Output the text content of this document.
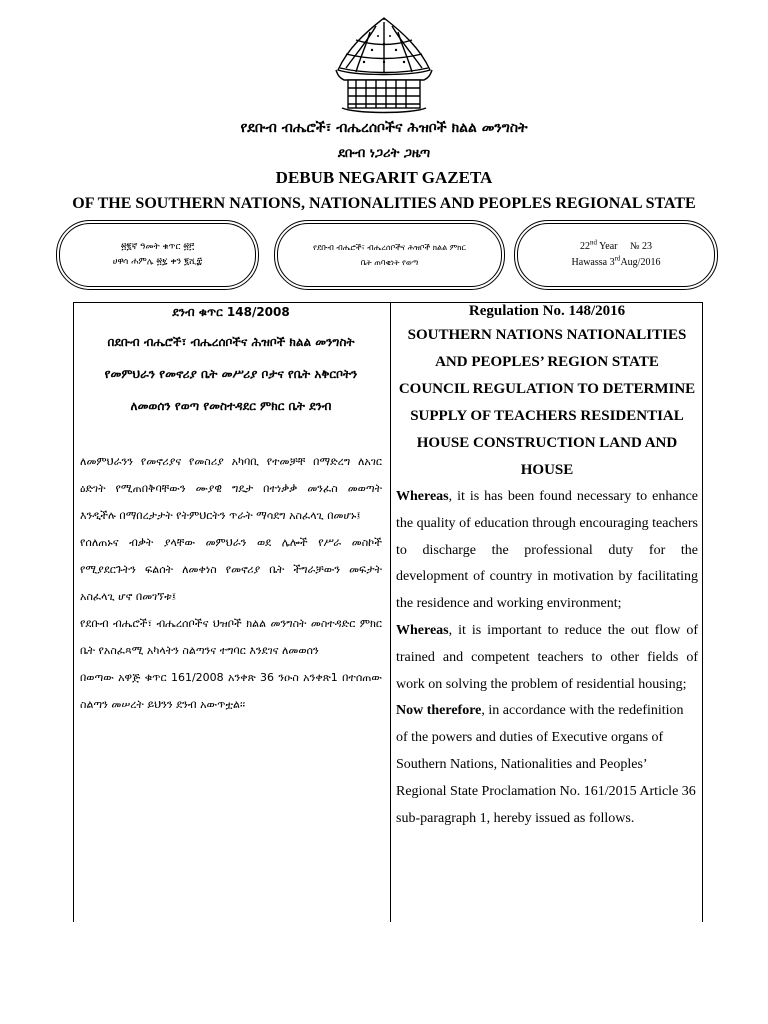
የደቡብ ብሔሮች፣ ብሔረሰቦችና ሕዝቦች ክልል መንግስት
ደቡብ ነጋሪት ጋዜጣ
DEBUB NEGARIT GAZETA
OF THE SOUTHERN NATIONS, NATIONALITIES AND PEOPLES REGIONAL STATE
፳፪ኛ ዓመት ቁጥር ፳፫
ሀዋሳ ሐምሌ ፳፯ ቀን ፪ሺ፰
የደቡብ ብሔሮች፣ ብሔረሰቦችና ሕዝቦች ክልል ምክር
ቤት ጠባቂነት የወጣ
22nd Year № 23
Hawassa 3rdAug/2016
ደንብ ቁጥር 148/2008
በደቡብ ብሔሮች፣ ብሔረሰቦችና ሕዝቦች ክልል መንግስት
የመምህራን የመኖሪያ ቤት መሥሪያ ቦታና የቤት አቅርቦትን
ለመወሰን የወጣ የመስተዳደር ምክር ቤት ደንብ

ለመምህራንን የመኖሪያና የመስሪያ አካባቢ የተመቻቸ በማድረግ ለአገር ዕድገት የሚጠበቅባቸውን ሙያዊ ግዴታ በተነቃቃ መንፈስ መወጣት እንዲችሉ በማበረታታት የትምህርትን ጥራት ማሳደግ አስፈላጊ በመሆኑ፤

የሰለጠኑና ብቃት ያላቸው መምህራን ወደ ሌሎች የሥራ መስኮች የሚያደርጉትን ፍልሰት ለመቀነስ የመኖሪያ ቤት ችግራቻውን መፍታት አስፈላጊ ሆኖ በመገኘቱ፤

የደቡብ ብሔሮች፣ ብሔረሰቦችና ህዝቦች ክልል መንግስት መስተዳድር ምክር ቤት የአስፈጻሚ አካላትን ስልጣንና ተግባር እንደገና ለመወሰን

በወጣው አዋጅ ቁጥር 161/2008 አንቀጽ 36 ንዑስ አንቀጽ1 በተሰጠው ስልጣን መሠረት ይህንን ደንብ አውጥቷል፡፡

Regulation No. 148/2016
SOUTHERN NATIONS NATIONALITIES
AND PEOPLES’ REGION STATE
COUNCIL REGULATION TO DETERMINE
SUPPLY OF TEACHERS RESIDENTIAL
HOUSE CONSTRUCTION LAND AND
HOUSE

Whereas, it is has been found necessary to enhance the quality of education through encouraging teachers to discharge the professional duty for the development of country in motivation by facilitating the residence and working environment;

Whereas, it is important to reduce the out flow of trained and competent teachers to other fields of work on solving the problem of residential housing;

Now therefore, in accordance with the redefinition of the powers and duties of Executive organs of Southern Nations, Nationalities and Peoples’ Regional State Proclamation No. 161/2015 Article 36 sub-paragraph 1, hereby issued as follows.
